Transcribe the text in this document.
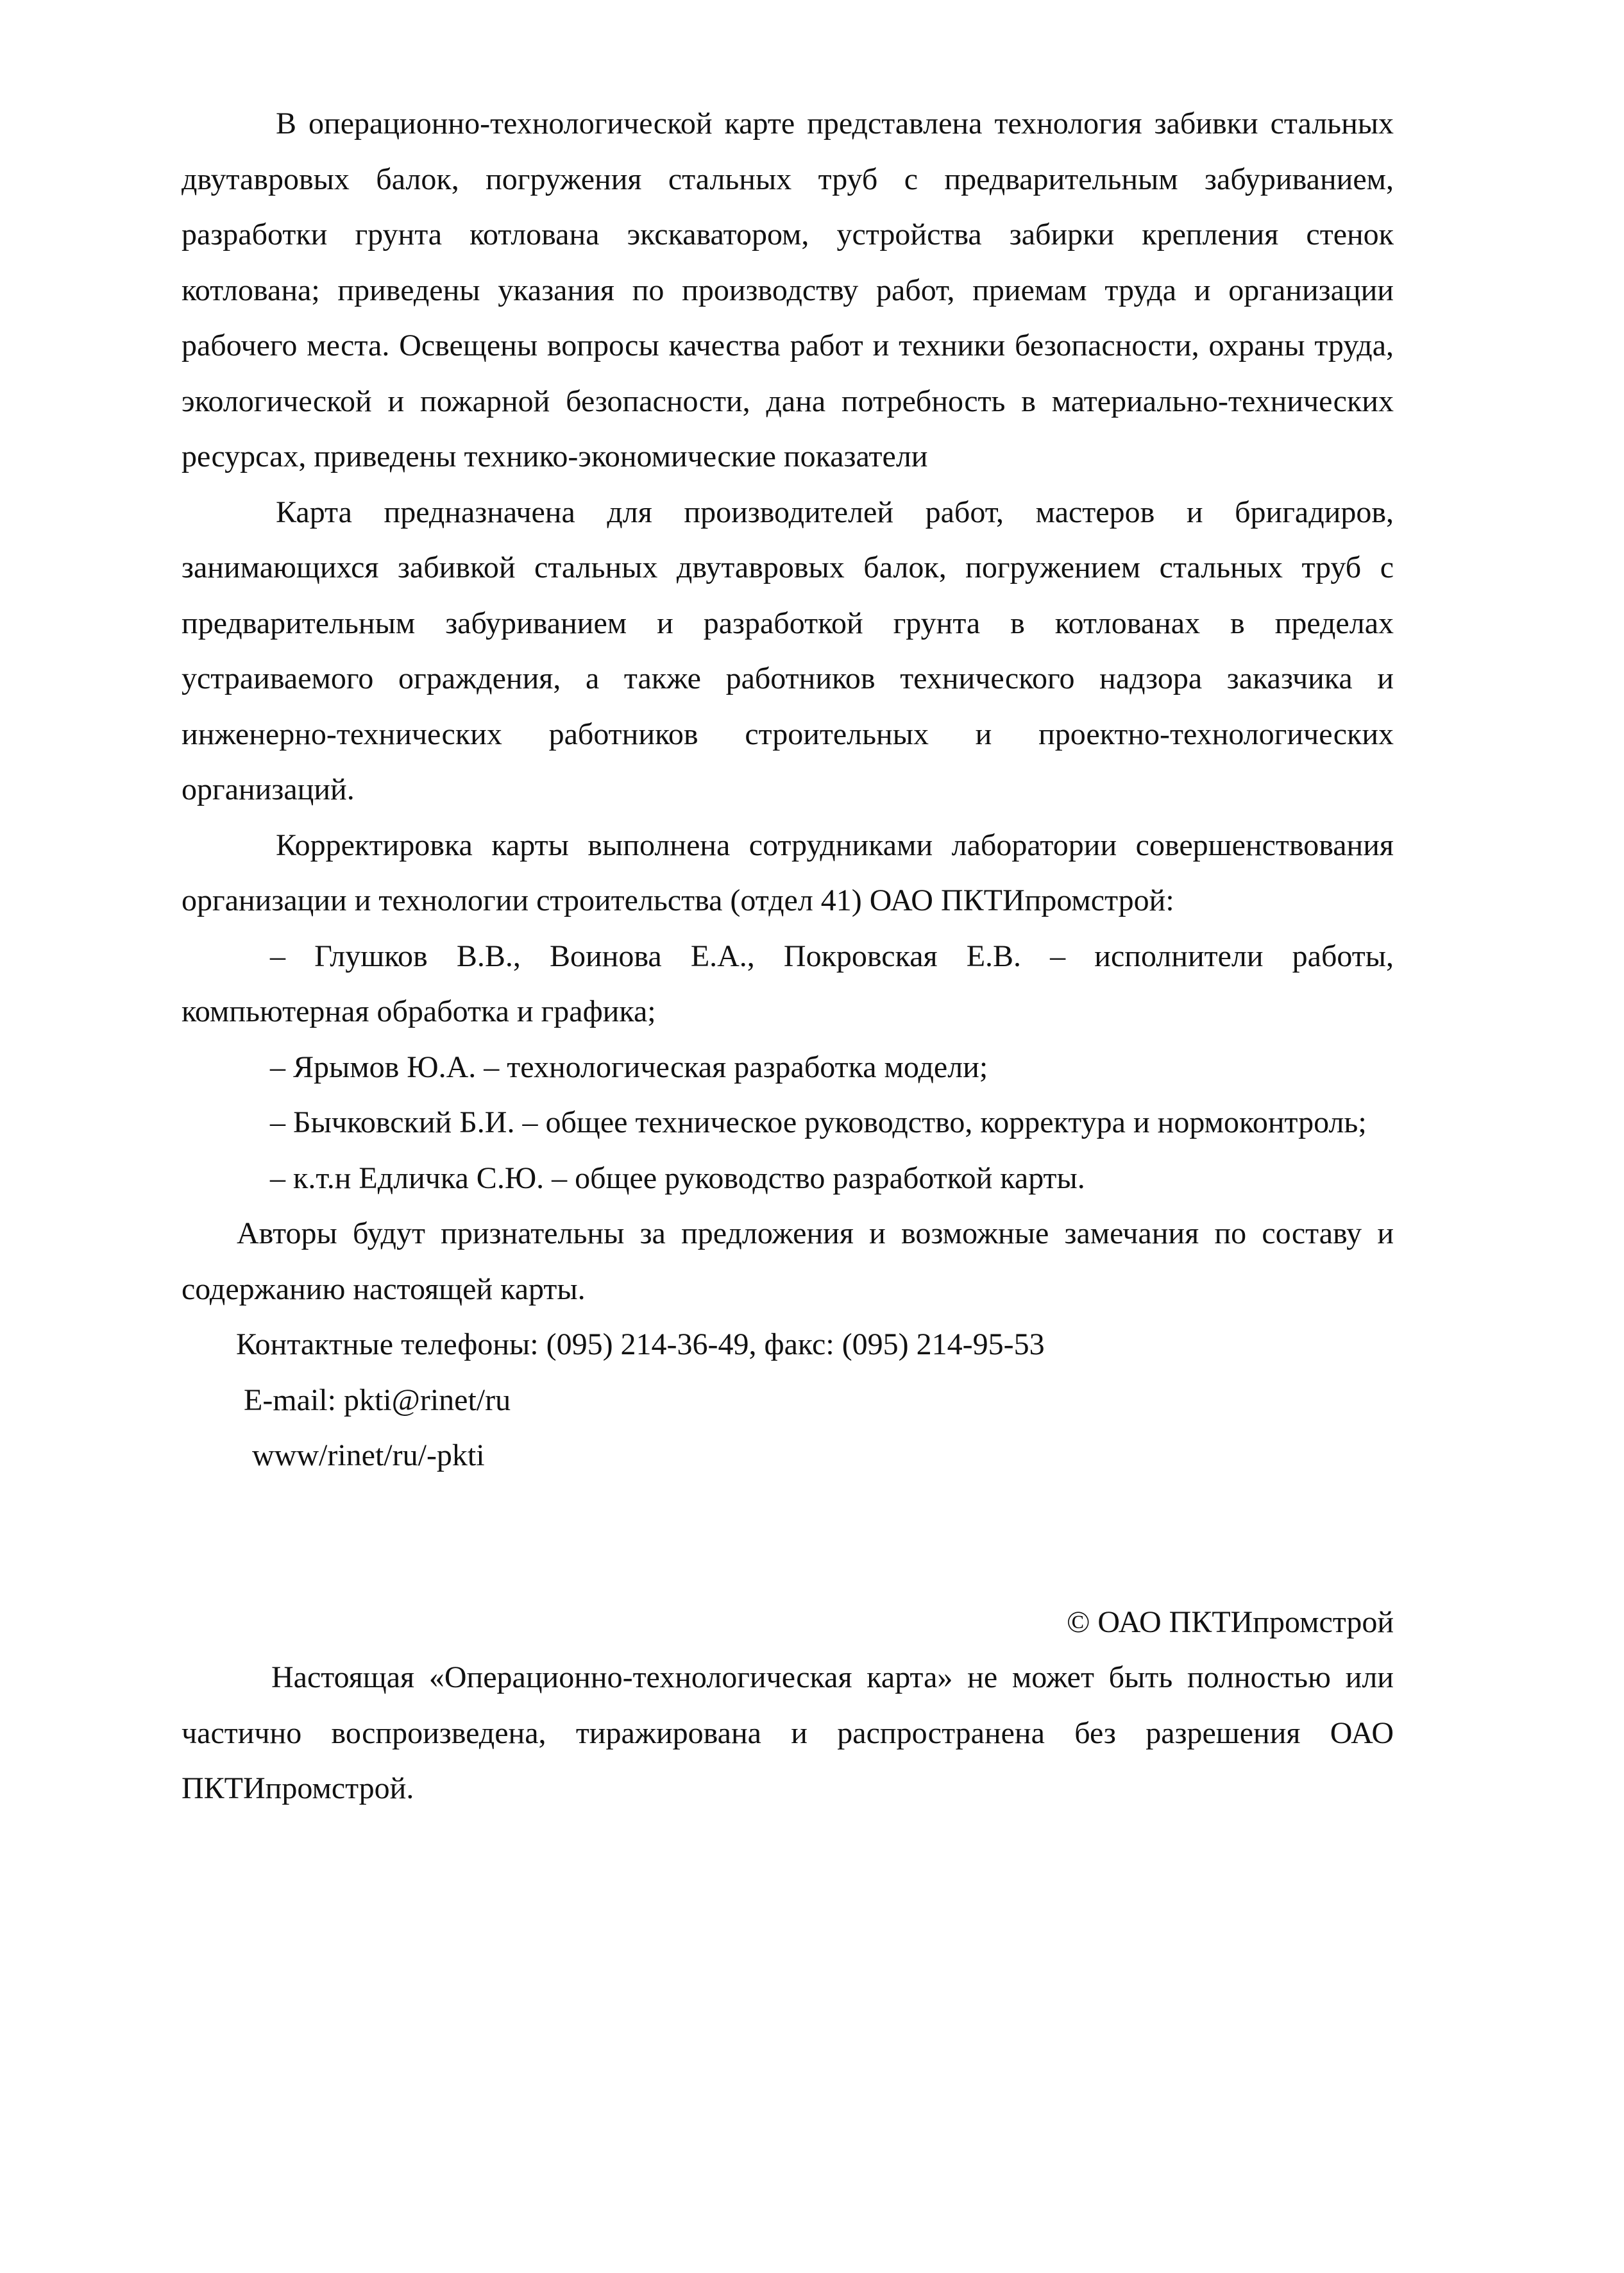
В операционно-технологической карте представлена технология забивки стальных двутавровых балок, погружения стальных труб с предварительным забуриванием, разработки грунта котлована экскаватором, устройства забирки крепления стенок котлована; приведены указания по производству работ, приемам труда и организации рабочего места. Освещены вопросы качества работ и техники безопасности, охраны труда, экологической и пожарной безопасности, дана потребность в материально-технических ресурсах, приведены технико-экономические показатели

Карта предназначена для производителей работ, мастеров и бригадиров, занимающихся забивкой стальных двутавровых балок, погружением стальных труб с предварительным забуриванием и разработкой грунта в котлованах в пределах устраиваемого ограждения, а также работников технического надзора заказчика и инженерно-технических работников строительных и проектно-технологических организаций.

Корректировка карты выполнена сотрудниками лаборатории совершенствования организации и технологии строительства (отдел 41) ОАО ПКТИпромстрой:

– Глушков В.В., Воинова Е.А., Покровская Е.В. – исполнители работы, компьютерная обработка и графика;

– Ярымов Ю.А. – технологическая разработка модели;

– Бычковский Б.И. – общее техническое руководство, корректура и нормоконтроль;

– к.т.н Едличка С.Ю. – общее руководство разработкой карты.

Авторы будут признательны за предложения и возможные замечания по составу и содержанию настоящей карты.

Контактные телефоны: (095) 214-36-49, факс: (095) 214-95-53

E-mail: pkti@rinet/ru

www/rinet/ru/-pkti

© ОАО ПКТИпромстрой

Настоящая «Операционно-технологическая карта» не может быть полностью или частично воспроизведена, тиражирована и распространена без разрешения ОАО ПКТИпромстрой.
